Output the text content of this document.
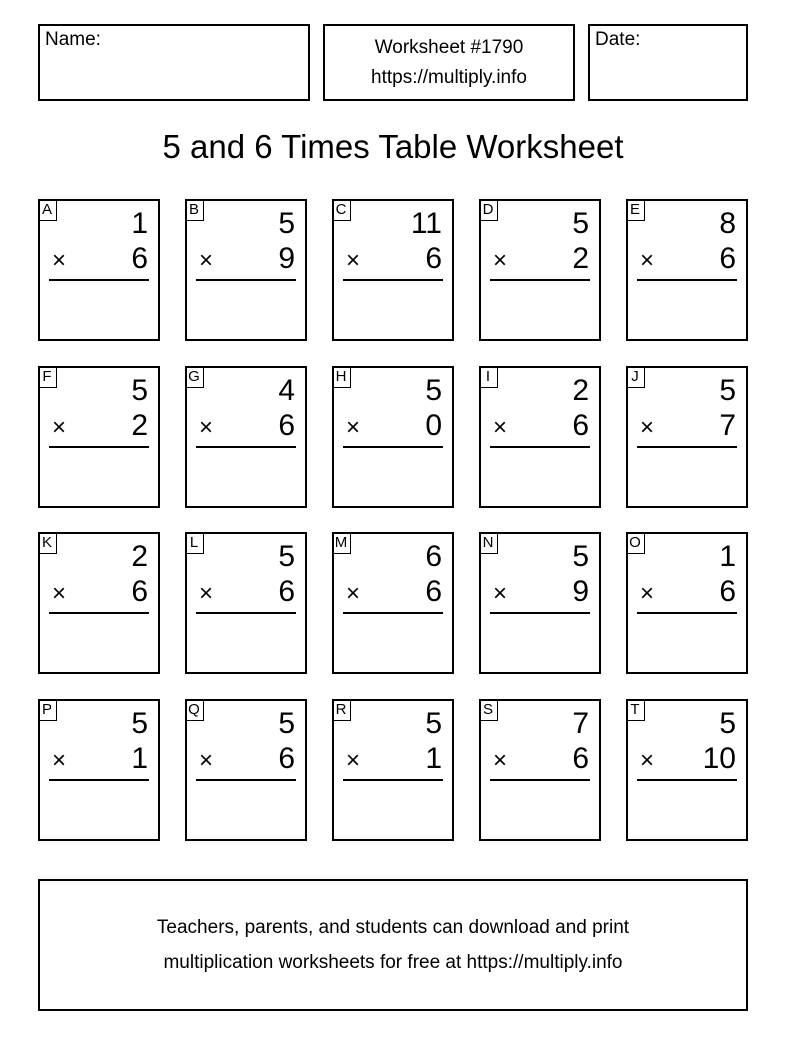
Name:	Worksheet #1790
https://multiply.info
Date:
5 and 6 Times Table Worksheet
A	1
× 6
B	5
× 9
C 11
× 6
D	5
× 2
E	8
× 6
F	5
× 2
G	4
× 6
H	5
× 0
I	2
× 6
J	5
× 7
K	2
× 6
L	5
× 6
M	6
× 6
N	5
× 9
O	1
× 6
P	5
× 1
Q	5
× 6
R	5
× 1
S	7
× 6
T	5
× 10
Teachers, parents, and students can download and print
multiplication worksheets for free at https://multiply.info
